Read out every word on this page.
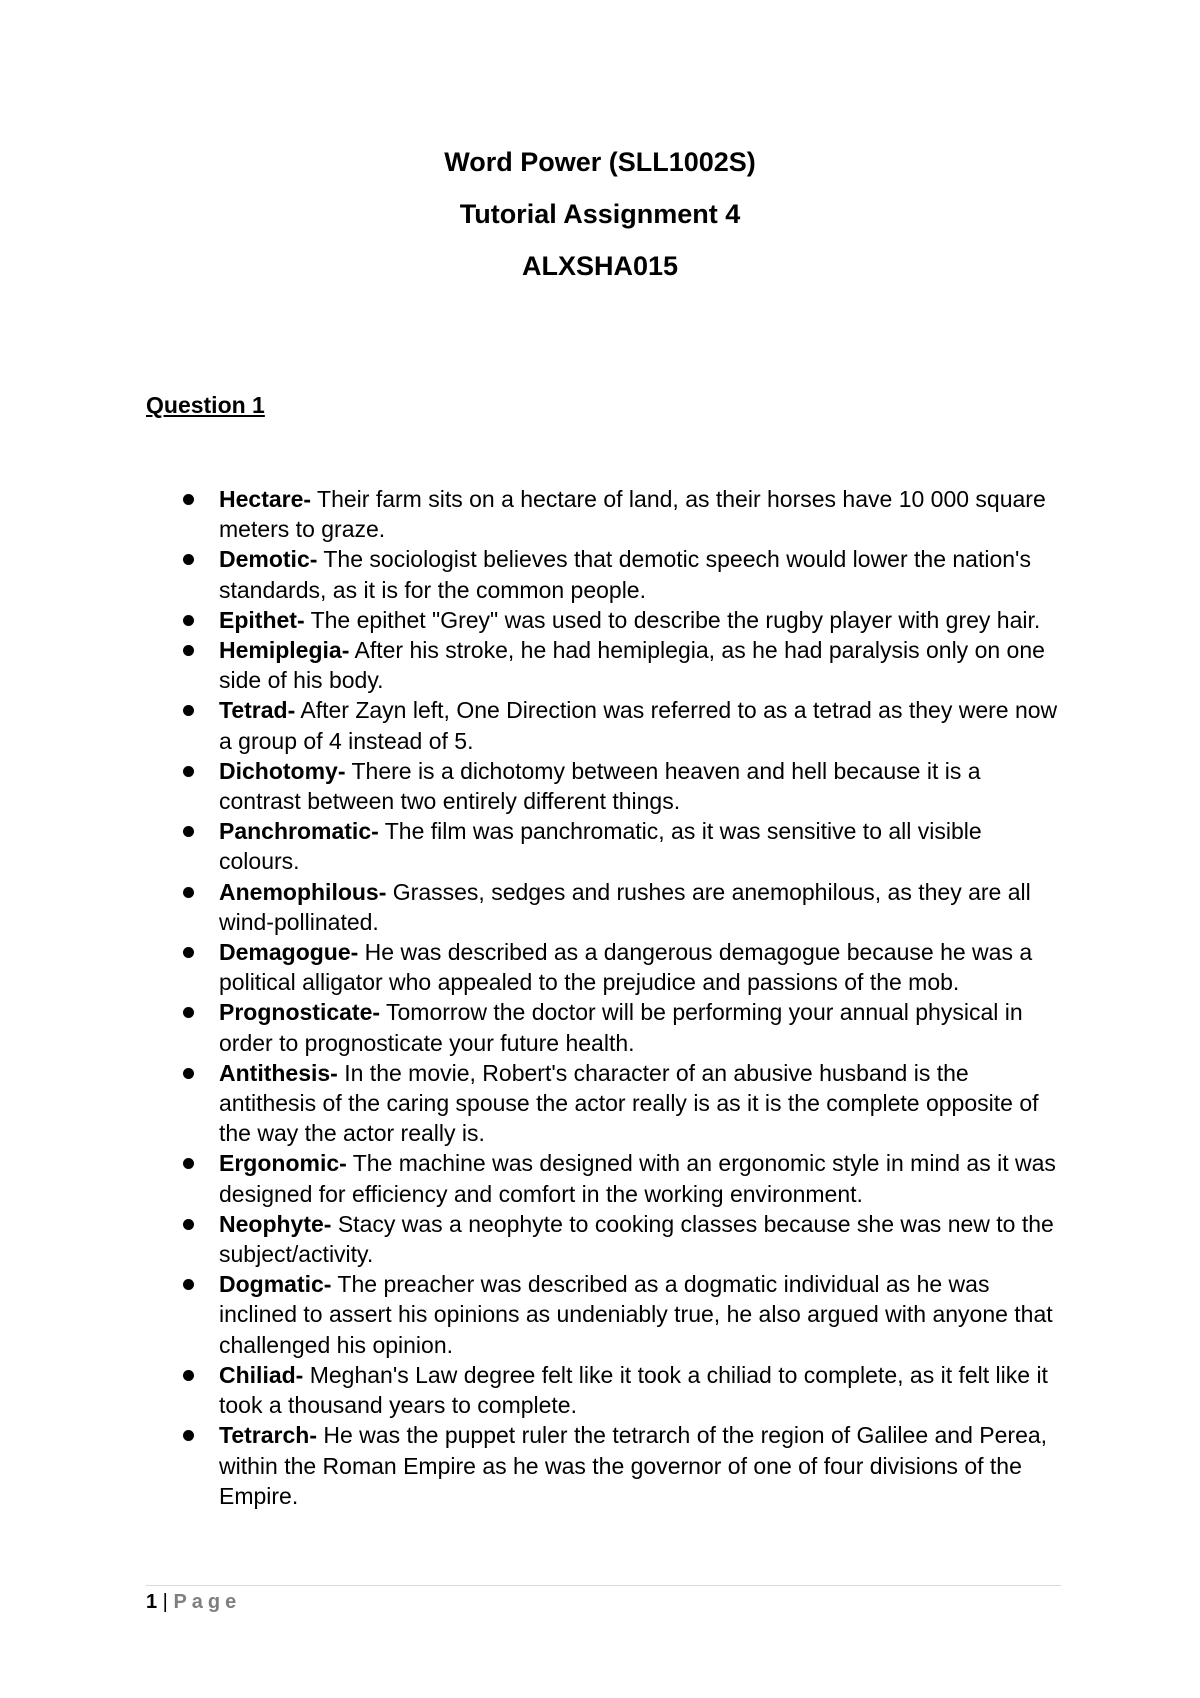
Word Power (SLL1002S)
Tutorial Assignment 4
ALXSHA015
Question 1
Hectare- Their farm sits on a hectare of land, as their horses have 10 000 square meters to graze.
Demotic- The sociologist believes that demotic speech would lower the nation's standards, as it is for the common people.
Epithet- The epithet "Grey" was used to describe the rugby player with grey hair.
Hemiplegia- After his stroke, he had hemiplegia, as he had paralysis only on one side of his body.
Tetrad- After Zayn left, One Direction was referred to as a tetrad as they were now a group of 4 instead of 5.
Dichotomy- There is a dichotomy between heaven and hell because it is a contrast between two entirely different things.
Panchromatic- The film was panchromatic, as it was sensitive to all visible colours.
Anemophilous- Grasses, sedges and rushes are anemophilous, as they are all wind-pollinated.
Demagogue- He was described as a dangerous demagogue because he was a political alligator who appealed to the prejudice and passions of the mob.
Prognosticate- Tomorrow the doctor will be performing your annual physical in order to prognosticate your future health.
Antithesis- In the movie, Robert's character of an abusive husband is the antithesis of the caring spouse the actor really is as it is the complete opposite of the way the actor really is.
Ergonomic- The machine was designed with an ergonomic style in mind as it was designed for efficiency and comfort in the working environment.
Neophyte- Stacy was a neophyte to cooking classes because she was new to the subject/activity.
Dogmatic- The preacher was described as a dogmatic individual as he was inclined to assert his opinions as undeniably true, he also argued with anyone that challenged his opinion.
Chiliad- Meghan's Law degree felt like it took a chiliad to complete, as it felt like it took a thousand years to complete.
Tetrarch- He was the puppet ruler the tetrarch of the region of Galilee and Perea, within the Roman Empire as he was the governor of one of four divisions of the Empire.
1 | Page
